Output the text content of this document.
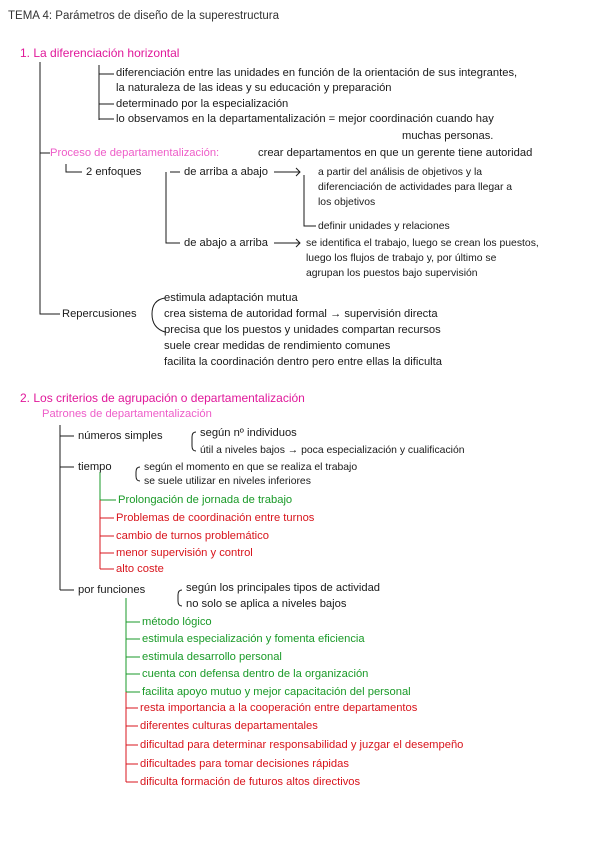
TEMA 4: Parámetros de diseño de la superestructura
1. La diferenciación horizontal
diferenciación entre las unidades en función de la orientación de sus integrantes,
la naturaleza de las ideas y su educación y preparación
determinado por la especialización
lo observamos en la departamentalización = mejor coordinación cuando hay
muchas personas.
Proceso de departamentalización:	crear departamentos en que un gerente tiene autoridad
2 enfoques	de arriba a abajo	a partir del análisis de objetivos y la
diferenciación de actividades para llegar a
los objetivos
definir unidades y relaciones
de abajo a arriba	se identifica el trabajo, luego se crean los puestos,
luego los flujos de trabajo y, por último se
agrupan los puestos bajo supervisión
Repercusiones
estimula adaptación mutua
crea sistema de autoridad formal → supervisión directa
precisa que los puestos y unidades compartan recursos
suele crear medidas de rendimiento comunes
facilita la coordinación dentro pero entre ellas la dificulta
2. Los criterios de agrupación o departamentalización
Patrones de departamentalización
números simples	según nº individuos
útil a niveles bajos → poca especialización y cualificación
tiempo	según el momento en que se realiza el trabajo
se suele utilizar en niveles inferiores
Prolongación de jornada de trabajo
Problemas de coordinación entre turnos
cambio de turnos problemático
menor supervisión y control
alto coste
por funciones	según los principales tipos de actividad
no solo se aplica a niveles bajos
método lógico
estimula especialización y fomenta eficiencia
estimula desarrollo personal
cuenta con defensa dentro de la organización
facilita apoyo mutuo y mejor capacitación del personal
resta importancia a la cooperación entre departamentos
diferentes culturas departamentales
dificultad para determinar responsabilidad y juzgar el desempeño
dificultades para tomar decisiones rápidas
dificulta formación de futuros altos directivos
